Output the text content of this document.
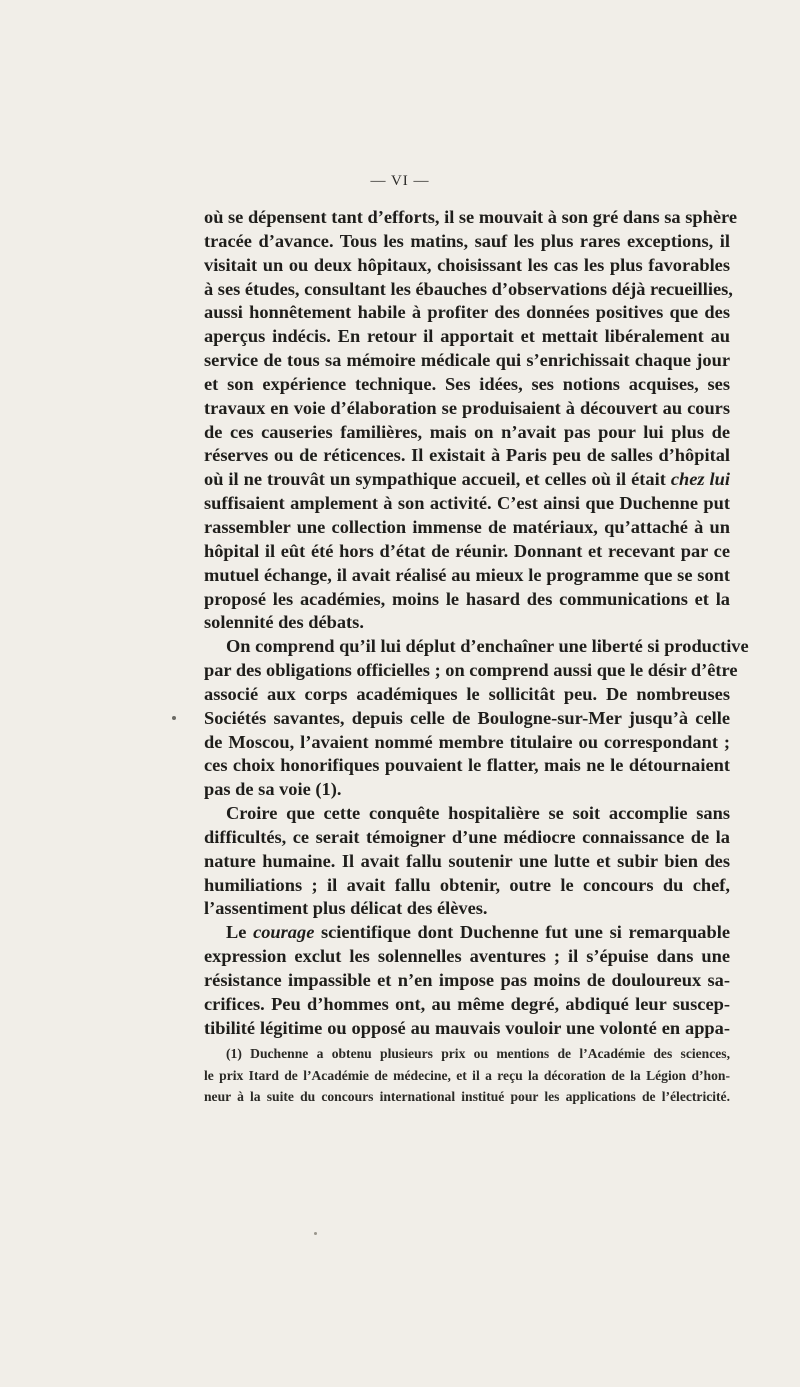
— VI —
où se dépensent tant d’efforts, il se mouvait à son gré dans sa sphère
tracée d’avance. Tous les matins, sauf les plus rares exceptions, il
visitait un ou deux hôpitaux, choisissant les cas les plus favorables
à ses études, consultant les ébauches d’observations déjà recueillies,
aussi honnêtement habile à profiter des données positives que des
aperçus indécis. En retour il apportait et mettait libéralement au
service de tous sa mémoire médicale qui s’enrichissait chaque jour
et son expérience technique. Ses idées, ses notions acquises, ses
travaux en voie d’élaboration se produisaient à découvert au cours
de ces causeries familières, mais on n’avait pas pour lui plus de
réserves ou de réticences. Il existait à Paris peu de salles d’hôpital
où il ne trouvât un sympathique accueil, et celles où il était chez lui
suffisaient amplement à son activité. C’est ainsi que Duchenne put
rassembler une collection immense de matériaux, qu’attaché à un
hôpital il eût été hors d’état de réunir. Donnant et recevant par ce
mutuel échange, il avait réalisé au mieux le programme que se sont
proposé les académies, moins le hasard des communications et la
solennité des débats.
On comprend qu’il lui déplut d’enchaîner une liberté si productive
par des obligations officielles ; on comprend aussi que le désir d’être
associé aux corps académiques le sollicitât peu. De nombreuses
Sociétés savantes, depuis celle de Boulogne-sur-Mer jusqu’à celle
de Moscou, l’avaient nommé membre titulaire ou correspondant ;
ces choix honorifiques pouvaient le flatter, mais ne le détournaient
pas de sa voie (1).
Croire que cette conquête hospitalière se soit accomplie sans
difficultés, ce serait témoigner d’une médiocre connaissance de la
nature humaine. Il avait fallu soutenir une lutte et subir bien des
humiliations ; il avait fallu obtenir, outre le concours du chef,
l’assentiment plus délicat des élèves.
Le courage scientifique dont Duchenne fut une si remarquable
expression exclut les solennelles aventures ; il s’épuise dans une
résistance impassible et n’en impose pas moins de douloureux sa-
crifices. Peu d’hommes ont, au même degré, abdiqué leur suscep-
tibilité légitime ou opposé au mauvais vouloir une volonté en appa-
(1) Duchenne a obtenu plusieurs prix ou mentions de l’Académie des sciences,
le prix Itard de l’Académie de médecine, et il a reçu la décoration de la Légion d’hon-
neur à la suite du concours international institué pour les applications de l’électricité.
